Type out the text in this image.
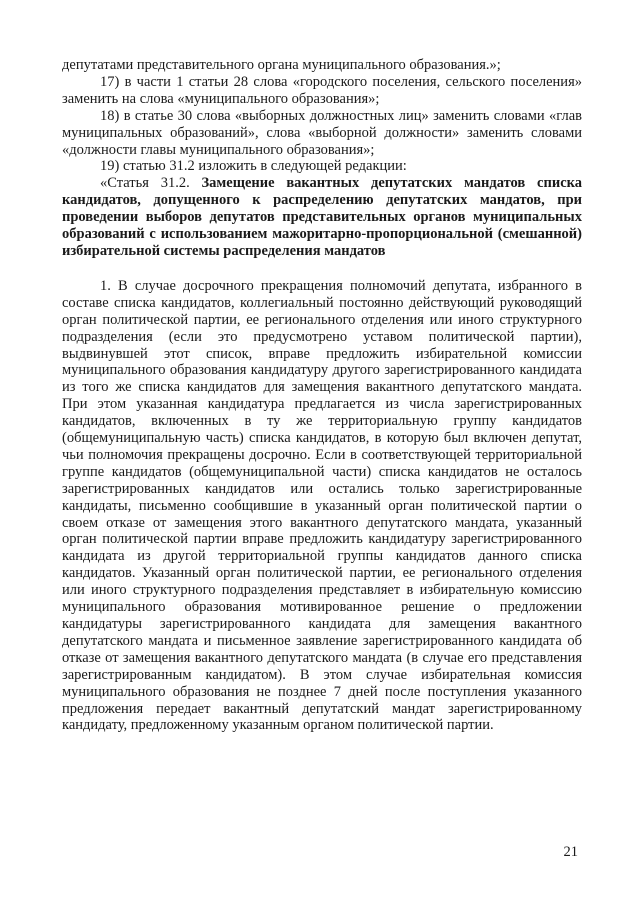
депутатами представительного органа муниципального образования.»;

17) в части 1 статьи 28 слова «городского поселения, сельского поселения» заменить на слова «муниципального образования»;

18) в статье 30 слова «выборных должностных лиц» заменить словами «глав муниципальных образований», слова «выборной должности» заменить словами «должности главы муниципального образования»;

19) статью 31.2 изложить в следующей редакции:

«Статья 31.2. Замещение вакантных депутатских мандатов списка кандидатов, допущенного к распределению депутатских мандатов, при проведении выборов депутатов представительных органов муниципальных образований с использованием мажоритарно-пропорциональной (смешанной) избирательной системы распределения мандатов

1. В случае досрочного прекращения полномочий депутата, избранного в составе списка кандидатов, коллегиальный постоянно действующий руководящий орган политической партии, ее регионального отделения или иного структурного подразделения (если это предусмотрено уставом политической партии), выдвинувшей этот список, вправе предложить избирательной комиссии муниципального образования кандидатуру другого зарегистрированного кандидата из того же списка кандидатов для замещения вакантного депутатского мандата. При этом указанная кандидатура предлагается из числа зарегистрированных кандидатов, включенных в ту же территориальную группу кандидатов (общемуниципальную часть) списка кандидатов, в которую был включен депутат, чьи полномочия прекращены досрочно. Если в соответствующей территориальной группе кандидатов (общемуниципальной части) списка кандидатов не осталось зарегистрированных кандидатов или остались только зарегистрированные кандидаты, письменно сообщившие в указанный орган политической партии о своем отказе от замещения этого вакантного депутатского мандата, указанный орган политической партии вправе предложить кандидатуру зарегистрированного кандидата из другой территориальной группы кандидатов данного списка кандидатов. Указанный орган политической партии, ее регионального отделения или иного структурного подразделения представляет в избирательную комиссию муниципального образования мотивированное решение о предложении кандидатуры зарегистрированного кандидата для замещения вакантного депутатского мандата и письменное заявление зарегистрированного кандидата об отказе от замещения вакантного депутатского мандата (в случае его представления зарегистрированным кандидатом). В этом случае избирательная комиссия муниципального образования не позднее 7 дней после поступления указанного предложения передает вакантный депутатский мандат зарегистрированному кандидату, предложенному указанным органом политической партии.

21
